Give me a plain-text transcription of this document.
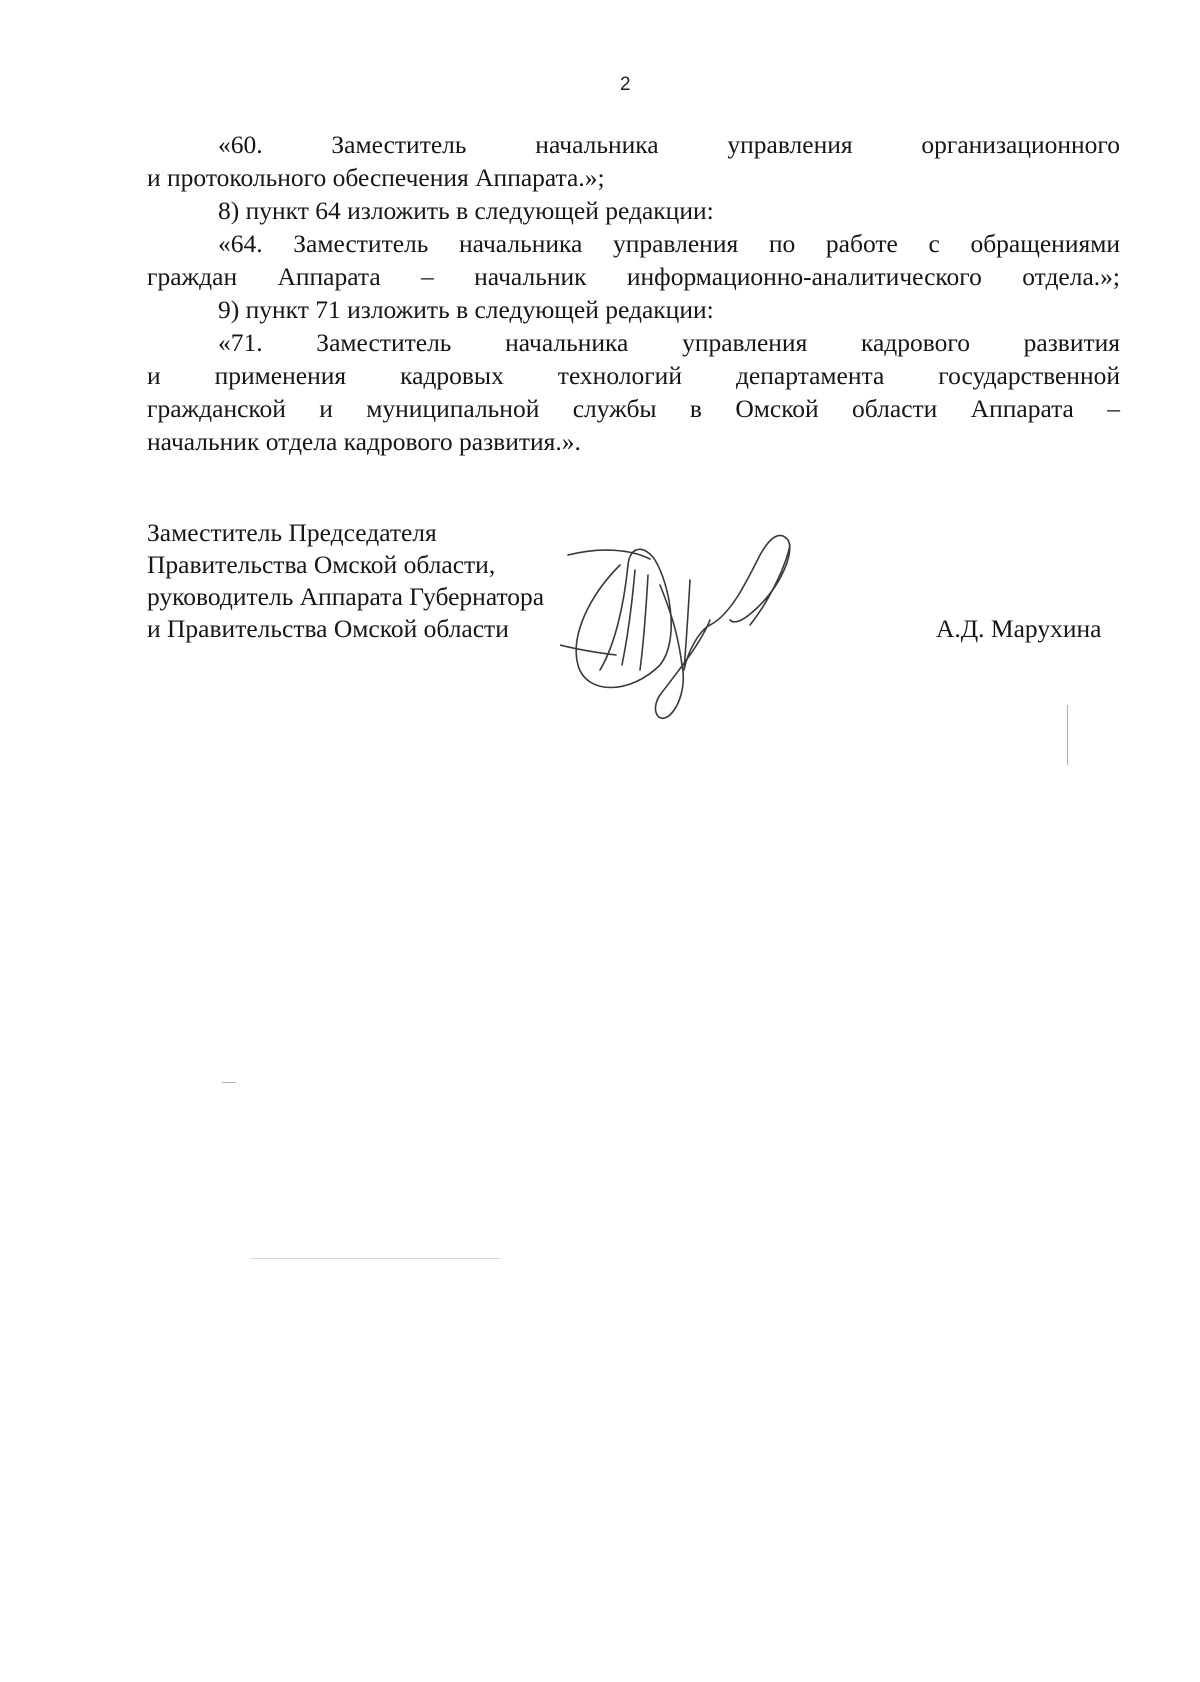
2
«60. Заместитель начальника управления организационного
и протокольного обеспечения Аппарата.»;
8) пункт 64 изложить в следующей редакции:
«64. Заместитель начальника управления по работе с обращениями
граждан Аппарата – начальник информационно-аналитического отдела.»;
9) пункт 71 изложить в следующей редакции:
«71. Заместитель начальника управления кадрового развития
и применения кадровых технологий департамента государственной
гражданской и муниципальной службы в Омской области Аппарата –
начальник отдела кадрового развития.».
Заместитель Председателя
Правительства Омской области,
руководитель Аппарата Губернатора
и Правительства Омской области	А.Д. Марухина
